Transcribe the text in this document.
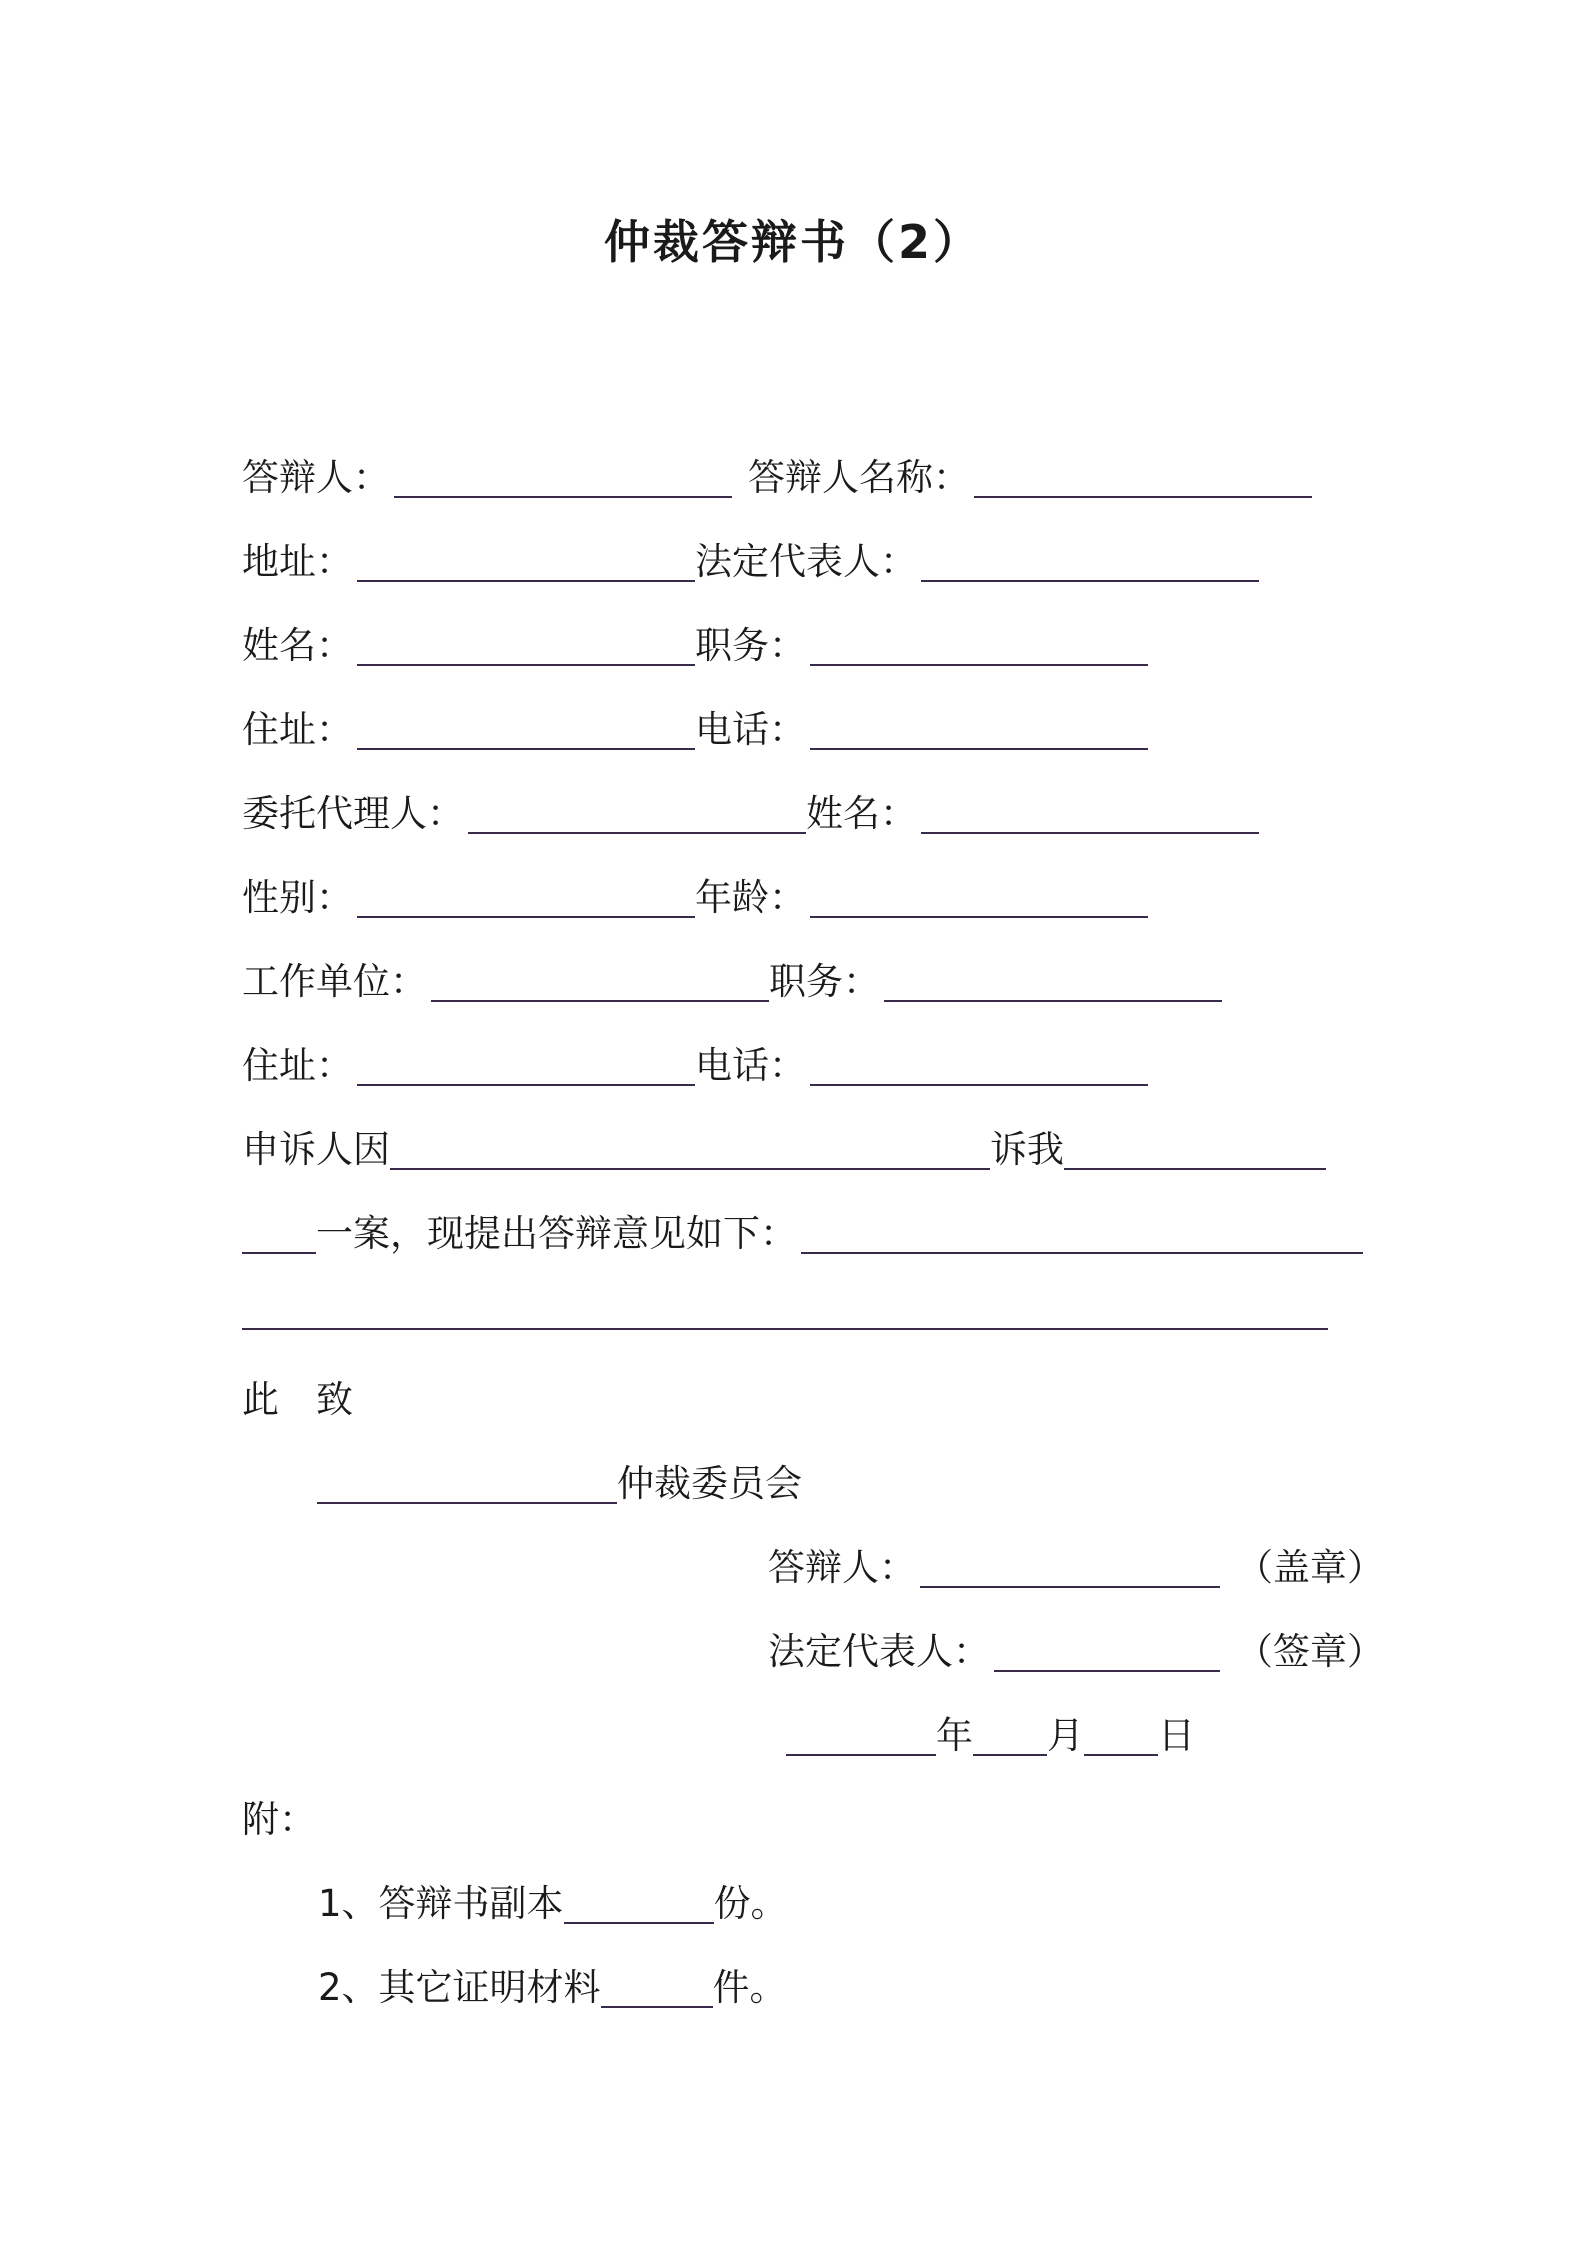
仲裁答辩书（2）
答辩人：	答辩人名称：
地址：	法定代表人：
姓名：	职务：
住址：	电话：
委托代理人：	姓名：
性别：	年龄：
工作单位：	职务：
住址：	电话：
申诉人因	诉我
一案，现提出答辩意见如下：
此　致
仲裁委员会
答辩人：	（盖章）
法定代表人：	（签章）
年 月 日
附：
1、答辩书副本	份。
2、其它证明材料	件。
